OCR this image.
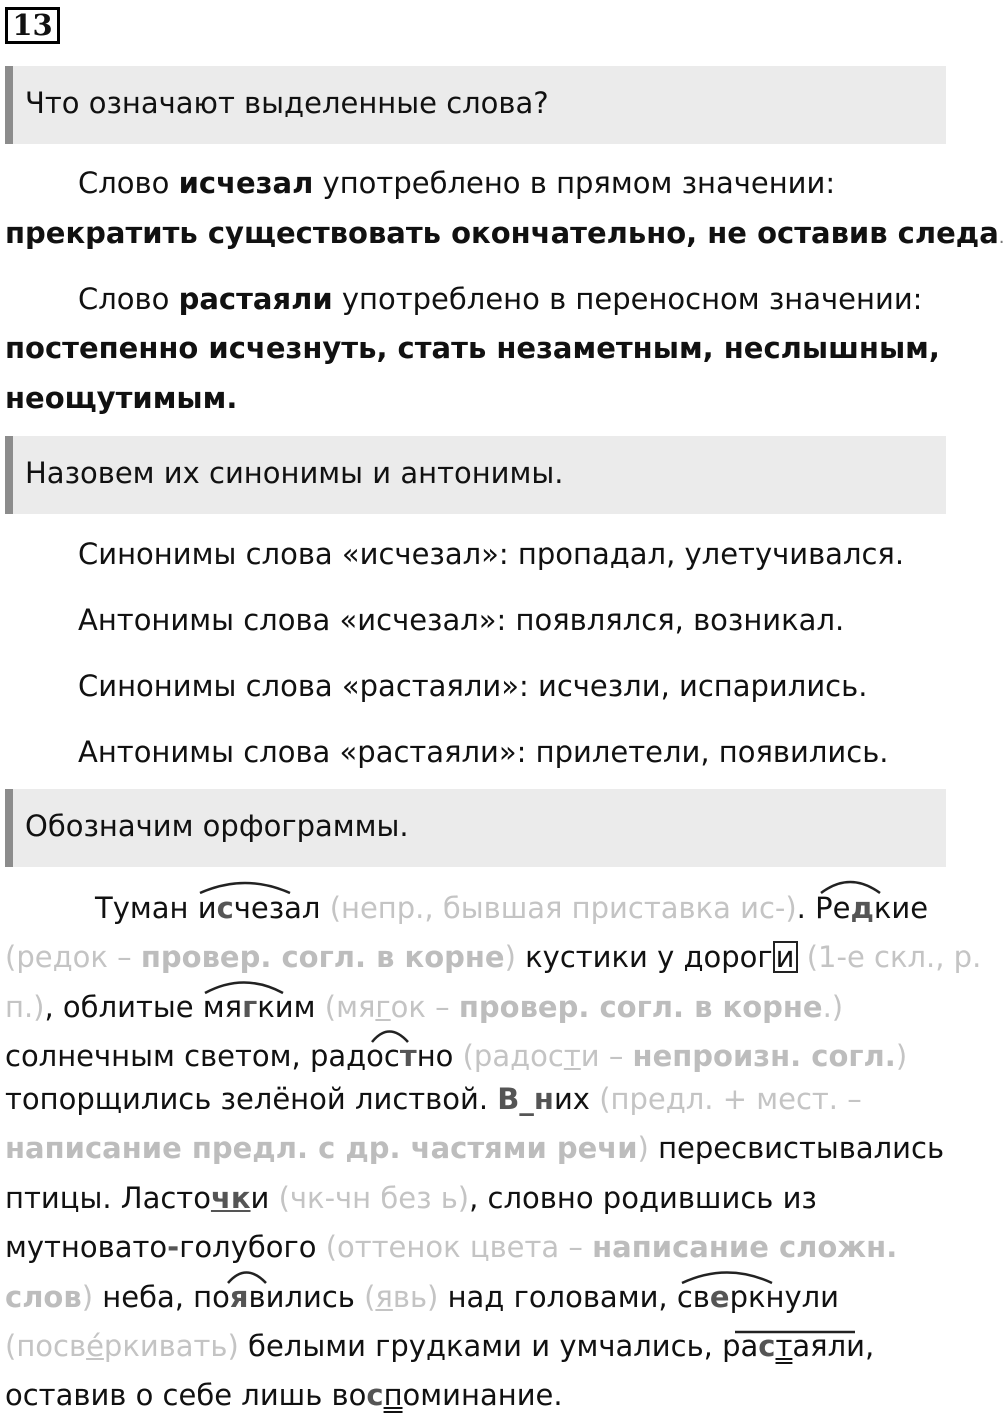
13
Что означают выделенные слова?
Слово исчезал употреблено в прямом значении:
прекратить существовать окончательно, не оставив следа.
Слово растаяли употреблено в переносном значении:
постепенно исчезнуть, стать незаметным, неслышным,
неощутимым.
Назовем их синонимы и антонимы.
Синонимы слова «исчезал»: пропадал, улетучивался.
Антонимы слова «исчезал»: появлялся, возникал.
Синонимы слова «растаяли»: исчезли, испарились.
Антонимы слова «растаяли»: прилетели, появились.
Обозначим орфограммы.
Туман исчезал (непр., бывшая приставка ис-). Редкие
(редок – провер. согл. в корне) кустики у дорог и (1-е скл., р.
п.), облитые мягким (мягок – провер. согл. в корне.)
солнечным светом, радостно (радости – непроизн. согл.)
топорщились зелёной листвой. В_них (предл. + мест. –
написание предл. с др. частями речи) пересвистывались
птицы. Ласточки (чк-чн без ь), словно родившись из
мутновато-голубого (оттенок цвета – написание сложн.
слов) неба, появились (явь) над головами, сверкнули
(посве́ркивать) белыми грудками и умчались, растаяли,
оставив о себе лишь воспоминание.
